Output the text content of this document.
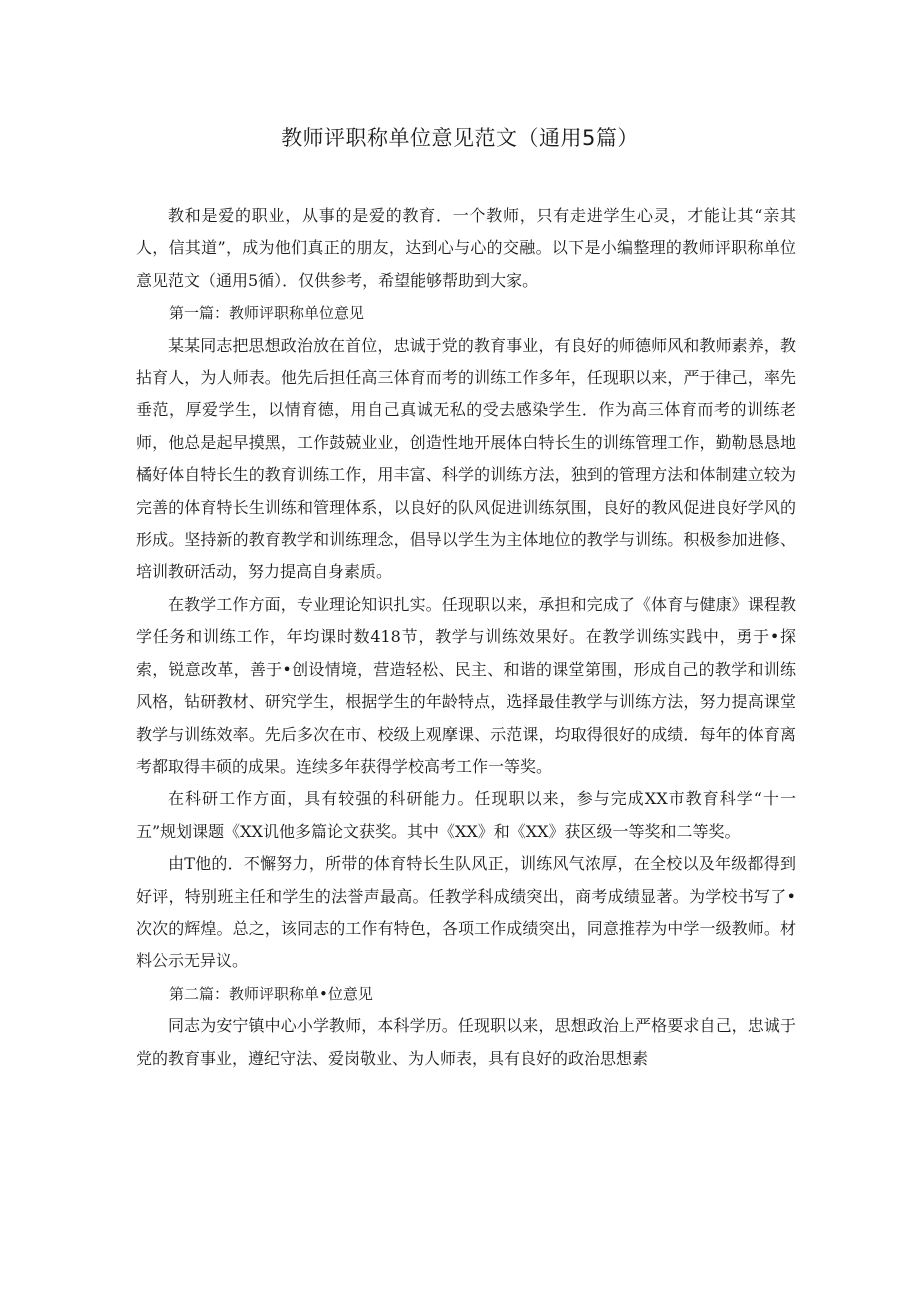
教师评职称单位意见范文（通用5篇）

教和是爱的职业，从事的是爱的教育．一个教师，只有走进学生心灵，才能让其“亲其人，信其道”，成为他们真正的朋友，达到心与心的交融。以下是小编整理的教师评职称单位意见范文（通用5循）．仅供参考，希望能够帮助到大家。

第一篇：教师评职称单位意见

某某同志把思想政治放在首位，忠诚于党的教育事业，有良好的师德师风和教师素养，教拈育人，为人师表。他先后担任高三体育而考的训练工作多年，任现职以来，严于律己，率先垂范，厚爱学生，以情育德，用自己真诚无私的受去感染学生．作为高三体育而考的训练老师，他总是起早摸黑，工作鼓兢业业，创造性地开展体白特长生的训练管理工作，勤勒恳恳地橘好体自特长生的教育训练工作，用丰富、科学的训练方法，独到的管理方法和体制建立较为完善的体育特长生训练和管理体系，以良好的队风促进训练氛围，良好的教风促进良好学风的形成。坚持新的教育教学和训练理念，倡导以学生为主体地位的教学与训练。积极参加进修、培训教研活动，努力提高自身素质。

在教学工作方面，专业理论知识扎实。任现职以来，承担和完成了《体育与健康》课程教学任务和训练工作，年均课时数418节，教学与训练效果好。在教学训练实践中，勇于•探索，锐意改革，善于•创设情境，营造轻松、民主、和谐的课堂第围，形成自己的教学和训练风格，钻研教材、研究学生，根据学生的年龄特点，选择最佳教学与训练方法，努力提高课堂教学与训练效率。先后多次在市、校级上观摩课、示范课，均取得很好的成绩．每年的体育离考都取得丰硕的成果。连续多年获得学校高考工作一等奖。

在科研工作方面，具有较强的科研能力。任现职以来，参与完成XX市教育科学“十一五”规划课题《XX讥他多篇论文获奖。其中《XX》和《XX》获区级一等奖和二等奖。

由T他的．不懈努力，所带的体育特长生队风正，训练风气浓厚，在全校以及年级都得到好评，特别班主任和学生的法誉声最高。任教学科成绩突出，商考成绩显著。为学校书写了•次次的辉煌。总之，该同志的工作有特色，各项工作成绩突出，同意推荐为中学一级教师。材料公示无异议。

第二篇：教师评职称单•位意见

同志为安宁镇中心小学教师，本科学历。任现职以来，思想政治上严格要求自己，忠诚于党的教育事业，遵纪守法、爱岗敬业、为人师表，具有良好的政治思想素
